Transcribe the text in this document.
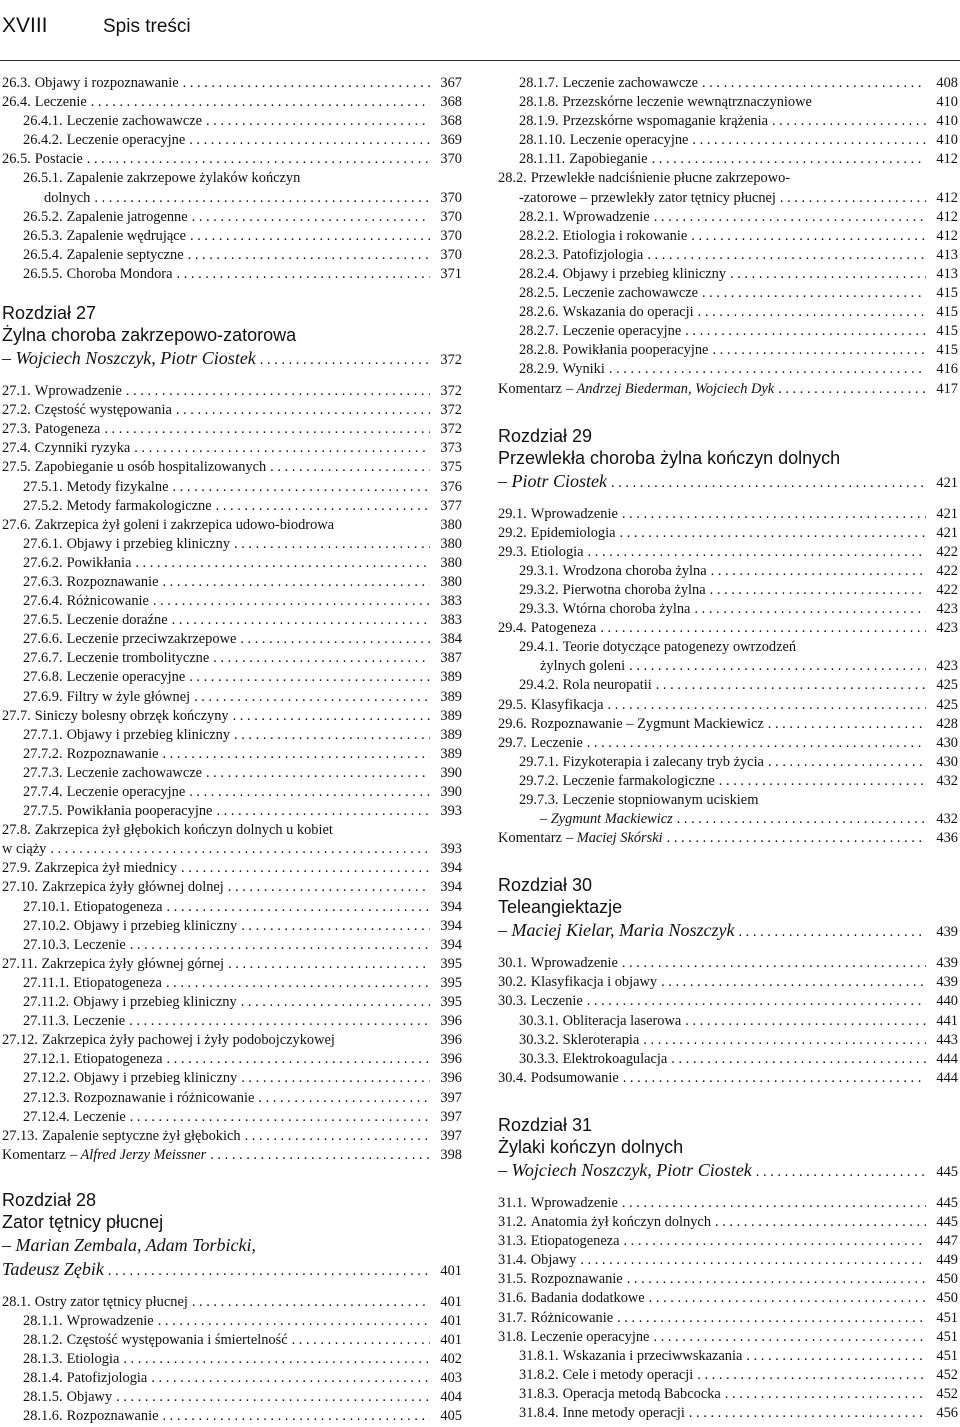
XVIII	Spis treści
26.3. Objawy i rozpoznawanie . . .	367
26.4. Leczenie . . .	368
26.4.1. Leczenie zachowawcze . . .	368
26.4.2. Leczenie operacyjne . . .	369
26.5. Postacie . . .	370
26.5.1. Zapalenie zakrzepowe żylaków kończyn
dolnych . . .	370
26.5.2. Zapalenie jatrogenne . . .	370
26.5.3. Zapalenie wędrujące . . .	370
26.5.4. Zapalenie septyczne . . .	370
26.5.5. Choroba Mondora . . .	371
Rozdział 27
Żylna choroba zakrzepowo-zatorowa
– Wojciech Noszczyk, Piotr Ciostek . . .	372
27.1. Wprowadzenie . . .	372
27.2. Częstość występowania . . .	372
27.3. Patogeneza . . .	372
27.4. Czynniki ryzyka . . .	373
27.5. Zapobieganie u osób hospitalizowanych . . .	375
27.5.1. Metody fizykalne . . .	376
27.5.2. Metody farmakologiczne . . .	377
27.6. Zakrzepica żył goleni i zakrzepica udowo-biodrowa	380
27.6.1. Objawy i przebieg kliniczny . . .	380
27.6.2. Powikłania . . .	380
27.6.3. Rozpoznawanie . . .	380
27.6.4. Różnicowanie . . .	383
27.6.5. Leczenie doraźne . . .	383
27.6.6. Leczenie przeciwzakrzepowe . . .	384
27.6.7. Leczenie trombolityczne . . .	387
27.6.8. Leczenie operacyjne . . .	389
27.6.9. Filtry w żyle głównej . . .	389
27.7. Siniczy bolesny obrzęk kończyny . . .	389
27.7.1. Objawy i przebieg kliniczny . . .	389
27.7.2. Rozpoznawanie . . .	389
27.7.3. Leczenie zachowawcze . . .	390
27.7.4. Leczenie operacyjne . . .	390
27.7.5. Powikłania pooperacyjne . . .	393
27.8. Zakrzepica żył głębokich kończyn dolnych u kobiet
w ciąży . . .	393
27.9. Zakrzepica żył miednicy . . .	394
27.10. Zakrzepica żyły głównej dolnej . . .	394
27.10.1. Etiopatogeneza . . .	394
27.10.2. Objawy i przebieg kliniczny . . .	394
27.10.3. Leczenie . . .	394
27.11. Zakrzepica żyły głównej górnej . . .	395
27.11.1. Etiopatogeneza . . .	395
27.11.2. Objawy i przebieg kliniczny . . .	395
27.11.3. Leczenie . . .	396
27.12. Zakrzepica żyły pachowej i żyły podobojczykowej	396
27.12.1. Etiopatogeneza . . .	396
27.12.2. Objawy i przebieg kliniczny . . .	396
27.12.3. Rozpoznawanie i różnicowanie . . .	397
27.12.4. Leczenie . . .	397
27.13. Zapalenie septyczne żył głębokich . . .	397
Komentarz – Alfred Jerzy Meissner . . .	398
Rozdział 28
Zator tętnicy płucnej
– Marian Zembala, Adam Torbicki,
Tadeusz Zębik . . .	401
28.1. Ostry zator tętnicy płucnej . . .	401
28.1.1. Wprowadzenie . . .	401
28.1.2. Częstość występowania i śmiertelność . . .	401
28.1.3. Etiologia . . .	402
28.1.4. Patofizjologia . . .	403
28.1.5. Objawy . . .	404
28.1.6. Rozpoznawanie . . .	405
28.1.7. Leczenie zachowawcze . . .	408
28.1.8. Przezskórne leczenie wewnątrznaczyniowe	410
28.1.9. Przezskórne wspomaganie krążenia . . .	410
28.1.10. Leczenie operacyjne . . .	410
28.1.11. Zapobieganie . . .	412
28.2. Przewlekłe nadciśnienie płucne zakrzepowo-
-zatorowe – przewlekły zator tętnicy płucnej . . .	412
28.2.1. Wprowadzenie . . .	412
28.2.2. Etiologia i rokowanie . . .	412
28.2.3. Patofizjologia . . .	413
28.2.4. Objawy i przebieg kliniczny . . .	413
28.2.5. Leczenie zachowawcze . . .	415
28.2.6. Wskazania do operacji . . .	415
28.2.7. Leczenie operacyjne . . .	415
28.2.8. Powikłania pooperacyjne . . .	415
28.2.9. Wyniki . . .	416
Komentarz – Andrzej Biederman, Wojciech Dyk . . .	417
Rozdział 29
Przewlekła choroba żylna kończyn dolnych
– Piotr Ciostek . . .	421
29.1. Wprowadzenie . . .	421
29.2. Epidemiologia . . .	421
29.3. Etiologia . . .	422
29.3.1. Wrodzona choroba żylna . . .	422
29.3.2. Pierwotna choroba żylna . . .	422
29.3.3. Wtórna choroba żylna . . .	423
29.4. Patogeneza . . .	423
29.4.1. Teorie dotyczące patogenezy owrzodzeń
żylnych goleni . . .	423
29.4.2. Rola neuropatii . . .	425
29.5. Klasyfikacja . . .	425
29.6. Rozpoznawanie – Zygmunt Mackiewicz . . .	428
29.7. Leczenie . . .	430
29.7.1. Fizykoterapia i zalecany tryb życia . . .	430
29.7.2. Leczenie farmakologiczne . . .	432
29.7.3. Leczenie stopniowanym uciskiem
– Zygmunt Mackiewicz . . .	432
Komentarz – Maciej Skórski . . .	436
Rozdział 30
Teleangiektazje
– Maciej Kielar, Maria Noszczyk . . .	439
30.1. Wprowadzenie . . .	439
30.2. Klasyfikacja i objawy . . .	439
30.3. Leczenie . . .	440
30.3.1. Obliteracja laserowa . . .	441
30.3.2. Skleroterapia . . .	443
30.3.3. Elektrokoagulacja . . .	444
30.4. Podsumowanie . . .	444
Rozdział 31
Żylaki kończyn dolnych
– Wojciech Noszczyk, Piotr Ciostek . . .	445
31.1. Wprowadzenie . . .	445
31.2. Anatomia żył kończyn dolnych . . .	445
31.3. Etiopatogeneza . . .	447
31.4. Objawy . . .	449
31.5. Rozpoznawanie . . .	450
31.6. Badania dodatkowe . . .	450
31.7. Różnicowanie . . .	451
31.8. Leczenie operacyjne . . .	451
31.8.1. Wskazania i przeciwwskazania . . .	451
31.8.2. Cele i metody operacji . . .	452
31.8.3. Operacja metodą Babcocka . . .	452
31.8.4. Inne metody operacji . . .	456
